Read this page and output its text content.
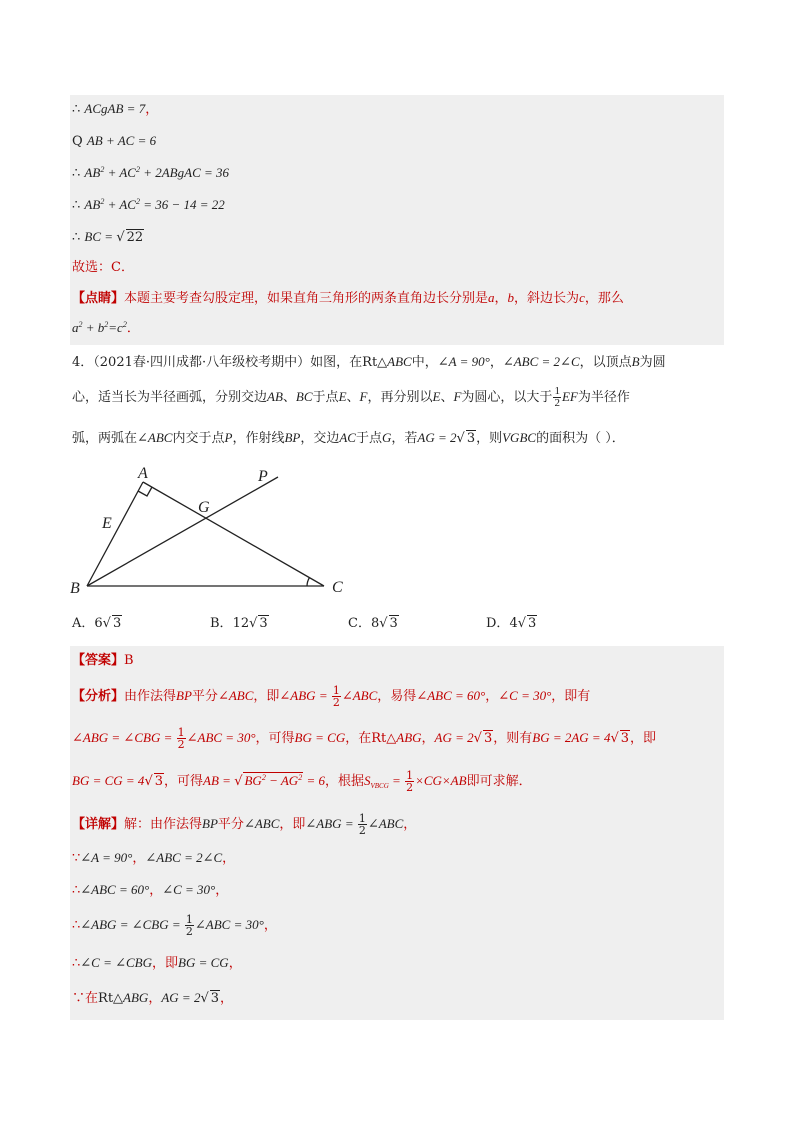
∴ ACgAB = 7，
Q AB + AC = 6
∴ $AB^2 + AC^2$ + 2ABgAC = 36
∴ $AB^2 + AC^2 = 36 - 14 = 22$
∴ BC = √ 22
故选：C．
【点睛】本题主要考查勾股定理，如果直角三角形的两条直角边长分别是a，b，斜边长为c，那么
$a^2 + b^2=c^2$．
4．（2021春·四川成都·八年级校考期中）如图，在Rt△ABC中，∠A = 90°，∠ABC = 2∠C，以顶点B为圆
心，适当长为半径画弧，分别交边AB、BC于点E、F，再分别以E、F为圆心，以大于 $\frac{1}{2}$ EF为半径作
弧，两弧在∠ABC内交于点P，作射线BP，交边AC于点G，若AG = 2√ 3，则VGBC的面积为（ ）．
A
B	C
E
G
P
A．6√ 3	B．12√ 3	C．8√ 3	D．4√ 3
【答案】B
【分析】由作法得BP平分∠ABC，即∠ABG = $\frac{1}{2}$ ∠ABC，易得∠ABC = 60°，∠C = 30°，即有
∠ABG = ∠CBG = $\frac{1}{2}$ ∠ABC = 30°，可得BG = CG，在Rt△ABG，AG = 2√ 3，则有BG = 2AG = 4√ 3，即
BG = CG = 4√ 3，可得AB = √ $BG^2 - AG^2 = 6$，根据$S_{VBCG} = \frac{1}{2} \times CG\times AB$即可求解．
【详解】解：由作法得BP平分∠ABC，即∠ABG = $\frac{1}{2}$ ∠ABC，
∵∠A = 90°，∠ABC = 2∠C，
∴∠ABC = 60°，∠C = 30°，
∴∠ABG = ∠CBG = $\frac{1}{2}$ ∠ABC = 30°，
∴∠C = ∠CBG，即BG = CG，
∵在Rt△ABG，AG = 2√ 3，
